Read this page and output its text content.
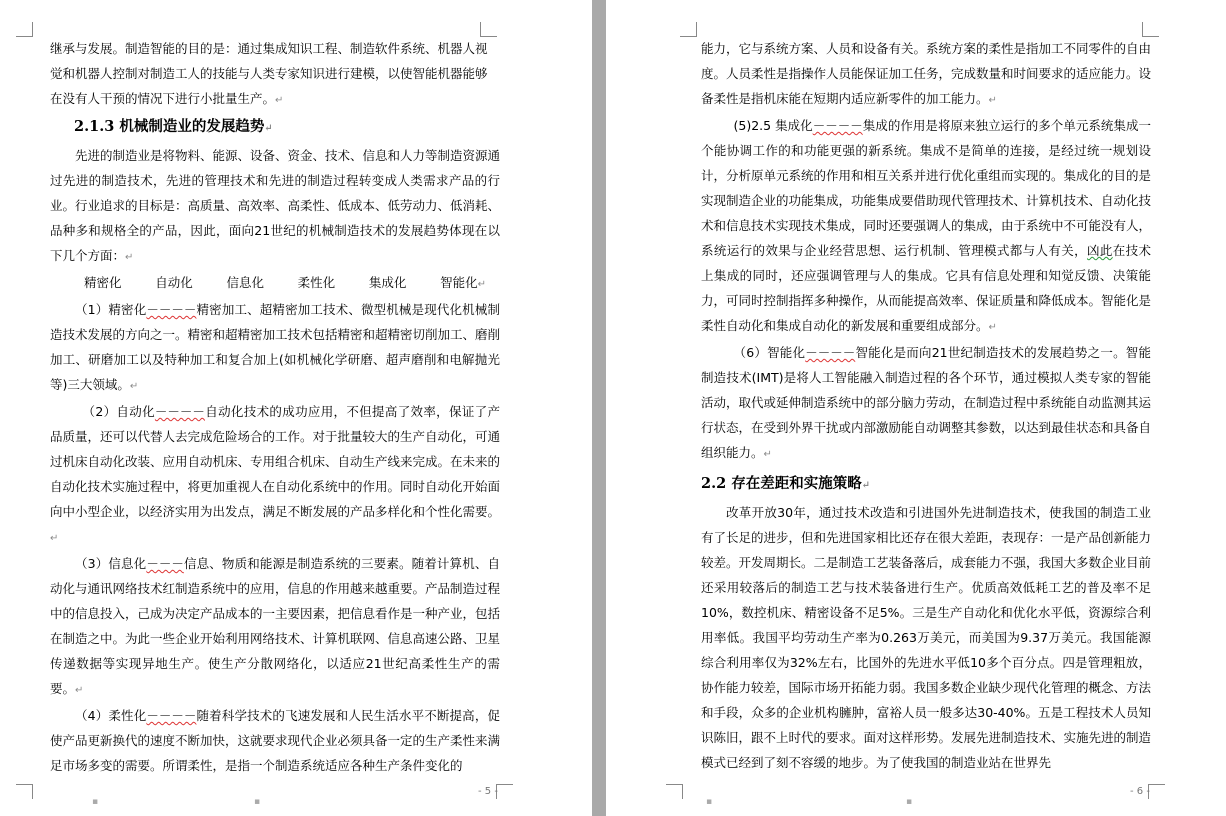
继承与发展。制造智能的目的是：通过集成知识工程、制造软件系统、机器人视
觉和机器人控制对制造工人的技能与人类专家知识进行建模，以使智能机器能够
在没有人干预的情况下进行小批量生产。↵

2.1.3 机械制造业的发展趋势↵

先进的制造业是将物料、能源、设备、资金、技术、信息和人力等制造资源通过先进的制造技术，先进的管理技术和先进的制造过程转变成人类需求产品的行业。行业追求的目标是：高质量、高效率、高柔性、低成本、低劳动力、低消耗、品种多和规格全的产品，因此，面向21世纪的机械制造技术的发展趋势体现在以下几个方面：↵

精密化	自动化	信息化	柔性化	集成化	智能化↵

（1）精密化－－－－精密加工、超精密加工技术、微型机械是现代化机械制造技术发展的方向之一。精密和超精密加工技术包括精密和超精密切削加工、磨削加工、研磨加工以及特种加工和复合加上(如机械化学研磨、超声磨削和电解抛光等)三大领域。↵

（2）自动化－－－－自动化技术的成功应用，不但提高了效率，保证了产品质量，还可以代替人去完成危险场合的工作。对于批量较大的生产自动化，可通过机床自动化改装、应用自动机床、专用组合机床、自动生产线来完成。在未来的自动化技术实施过程中，将更加重视人在自动化系统中的作用。同时自动化开始面向中小型企业，以经济实用为出发点，满足不断发展的产品多样化和个性化需要。↵

（3）信息化－－－信息、物质和能源是制造系统的三要素。随着计算机、自动化与通讯网络技术红制造系统中的应用，信息的作用越来越重要。产品制造过程中的信息投入，己成为决定产品成本的一主要因素，把信息看作是一种产业，包括在制造之中。为此一些企业开始利用网络技术、计算机联网、信息高速公路、卫星传递数据等实现异地生产。使生产分散网络化，以适应21世纪高柔性生产的需要。↵

（4）柔性化－－－－随着科学技术的飞速发展和人民生活水平不断提高，促使产品更新换代的速度不断加快，这就要求现代企业必须具备一定的生产柔性来满足市场多变的需要。所谓柔性，是指一个制造系统适应各种生产条件变化的

- 5 -
▪	▪

能力，它与系统方案、人员和设备有关。系统方案的柔性是指加工不同零件的自由度。人员柔性是指操作人员能保证加工任务，完成数量和时间要求的适应能力。设备柔性是指机床能在短期内适应新零件的加工能力。↵

(5)2.5 集成化－－－－集成的作用是将原来独立运行的多个单元系统集成一个能协调工作的和功能更强的新系统。集成不是简单的连接，是经过统一规划设计，分析原单元系统的作用和相互关系并进行优化重组而实现的。集成化的目的是实现制造企业的功能集成，功能集成要借助现代管理技术、计算机技术、自动化技术和信息技术实现技术集成，同时还要强调人的集成，由于系统中不可能没有人，系统运行的效果与企业经营思想、运行机制、管理模式都与人有关，凶此在技术上集成的同时，还应强调管理与人的集成。它具有信息处理和知觉反馈、决策能力，可同时控制指挥多种操作，从而能提高效率、保证质量和降低成本。智能化是柔性自动化和集成自动化的新发展和重要组成部分。↵

（6）智能化－－－－智能化是而向21世纪制造技术的发展趋势之一。智能制造技术(IMT)是将人工智能融入制造过程的各个环节，通过模拟人类专家的智能活动，取代或延伸制造系统中的部分脑力劳动，在制造过程中系统能自动监测其运行状态，在受到外界干扰或内部激励能自动调整其参数，以达到最佳状态和具备自组织能力。↵

2.2 存在差距和实施策略↵

改革开放30年，通过技术改造和引进国外先进制造技术，使我国的制造工业有了长足的进步，但和先进国家相比还存在很大差距，表现存：一是产品创新能力较差。开发周期长。二是制造工艺装备落后，成套能力不强，我国大多数企业目前还采用较落后的制造工艺与技术装备进行生产。优质高效低耗工艺的普及率不足10%，数控机床、精密设备不足5%。三是生产自动化和优化水平低，资源综合利用率低。我国平均劳动生产率为0.263万美元，而美国为9.37万美元。我国能源综合利用率仅为32%左右，比国外的先进水平低10多个百分点。四是管理粗放，协作能力较差，国际市场开拓能力弱。我国多数企业缺少现代化管理的概念、方法和手段，众多的企业机构臃肿，富裕人员一般多达30-40%。五是工程技术人员知识陈旧，跟不上时代的要求。面对这样形势。发展先进制造技术、实施先进的制造模式已经到了刻不容缓的地步。为了使我国的制造业站在世界先

- 6 -
▪	▪
